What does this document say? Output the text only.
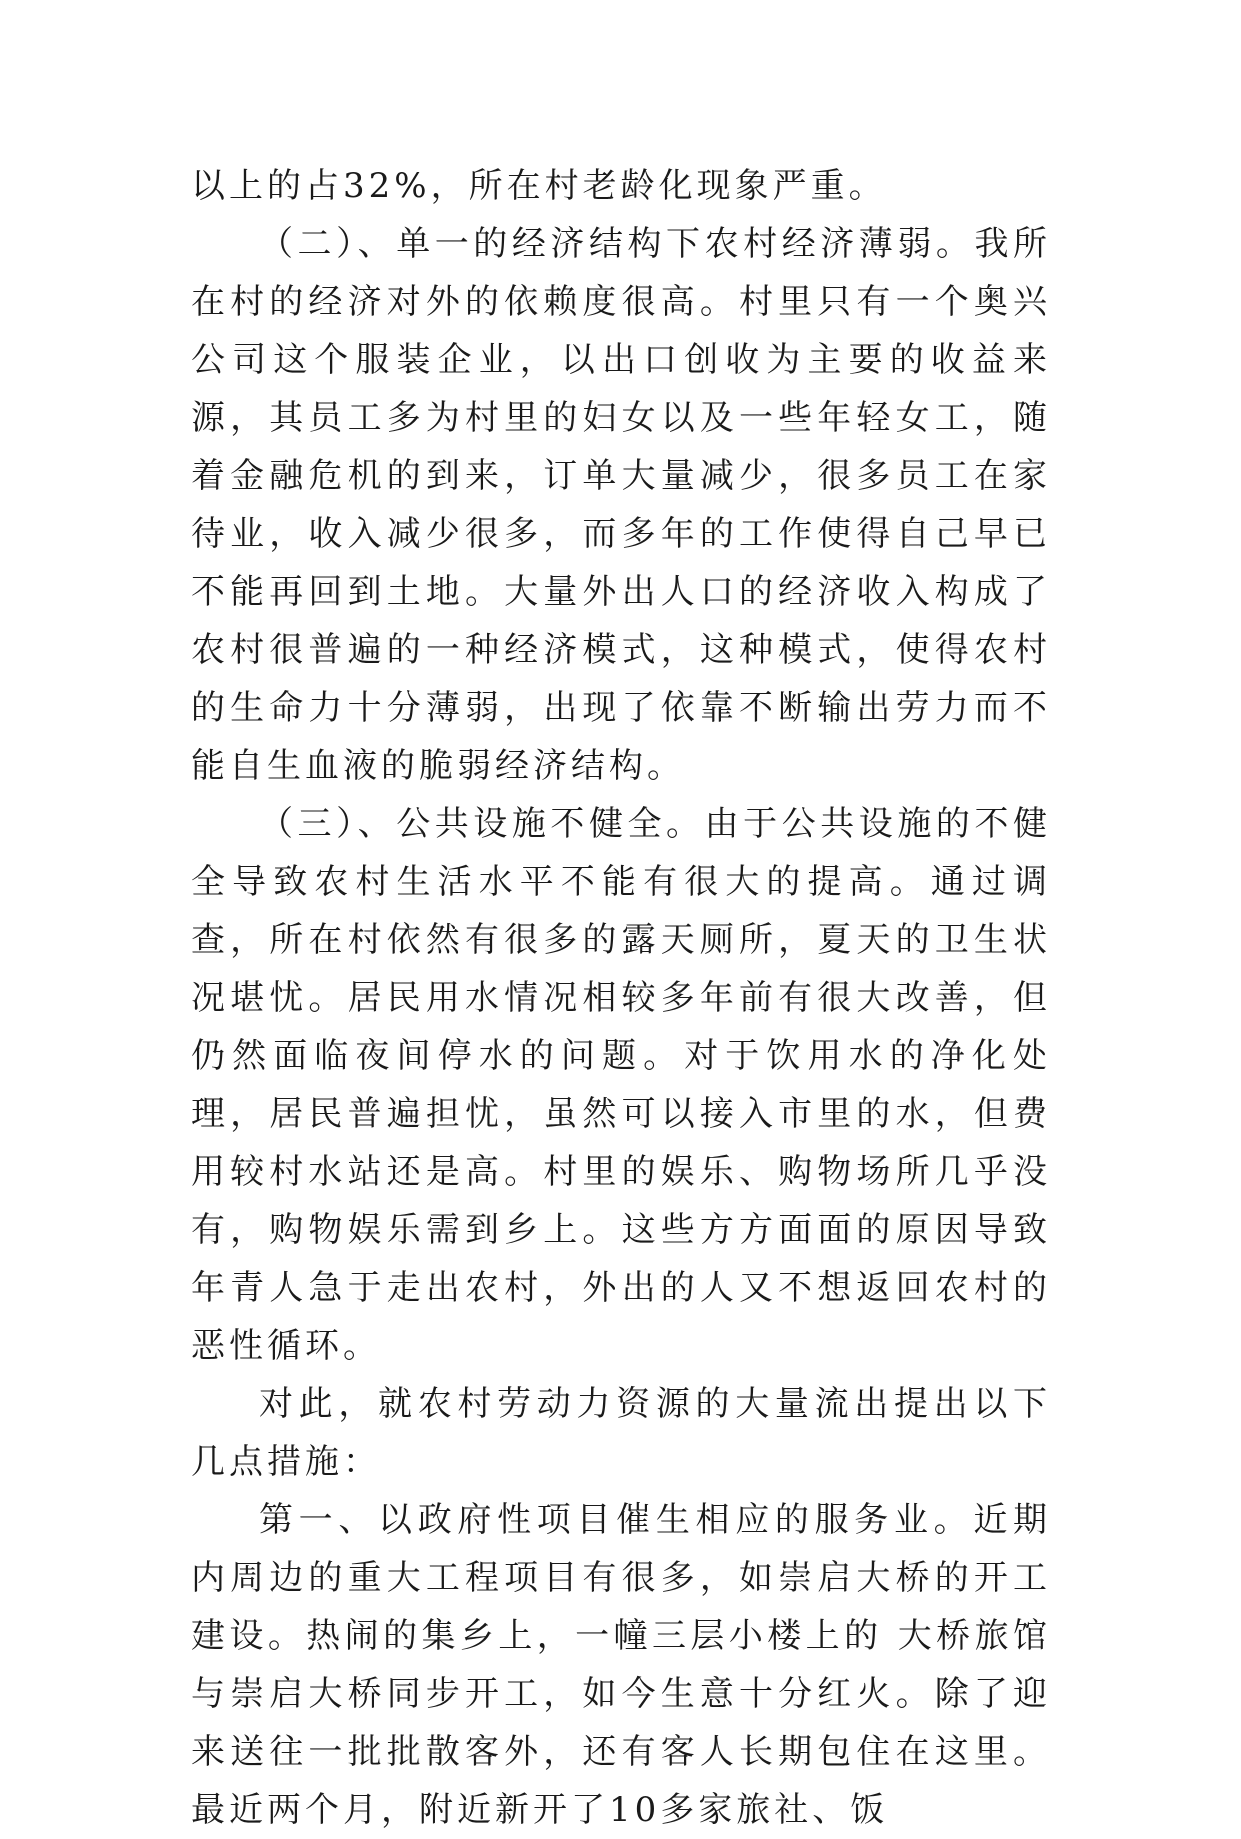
以上的占32%，所在村老龄化现象严重。

（二）、单一的经济结构下农村经济薄弱。我所在村的经济对外的依赖度很高。村里只有一个奥兴公司这个服装企业，以出口创收为主要的收益来源，其员工多为村里的妇女以及一些年轻女工，随着金融危机的到来，订单大量减少，很多员工在家待业，收入减少很多，而多年的工作使得自己早已不能再回到土地。大量外出人口的经济收入构成了农村很普遍的一种经济模式，这种模式，使得农村的生命力十分薄弱，出现了依靠不断输出劳力而不能自生血液的脆弱经济结构。

（三）、公共设施不健全。由于公共设施的不健全导致农村生活水平不能有很大的提高。通过调查，所在村依然有很多的露天厕所，夏天的卫生状况堪忧。居民用水情况相较多年前有很大改善，但仍然面临夜间停水的问题。对于饮用水的净化处理，居民普遍担忧，虽然可以接入市里的水，但费用较村水站还是高。村里的娱乐、购物场所几乎没有，购物娱乐需到乡上。这些方方面面的原因导致年青人急于走出农村，外出的人又不想返回农村的恶性循环。

对此，就农村劳动力资源的大量流出提出以下几点措施：

第一、以政府性项目催生相应的服务业。近期内周边的重大工程项目有很多，如崇启大桥的开工建设。热闹的集乡上，一幢三层小楼上的 大桥旅馆与崇启大桥同步开工，如今生意十分红火。除了迎来送往一批批散客外，还有客人长期包住在这里。最近两个月，附近新开了10多家旅社、饭
